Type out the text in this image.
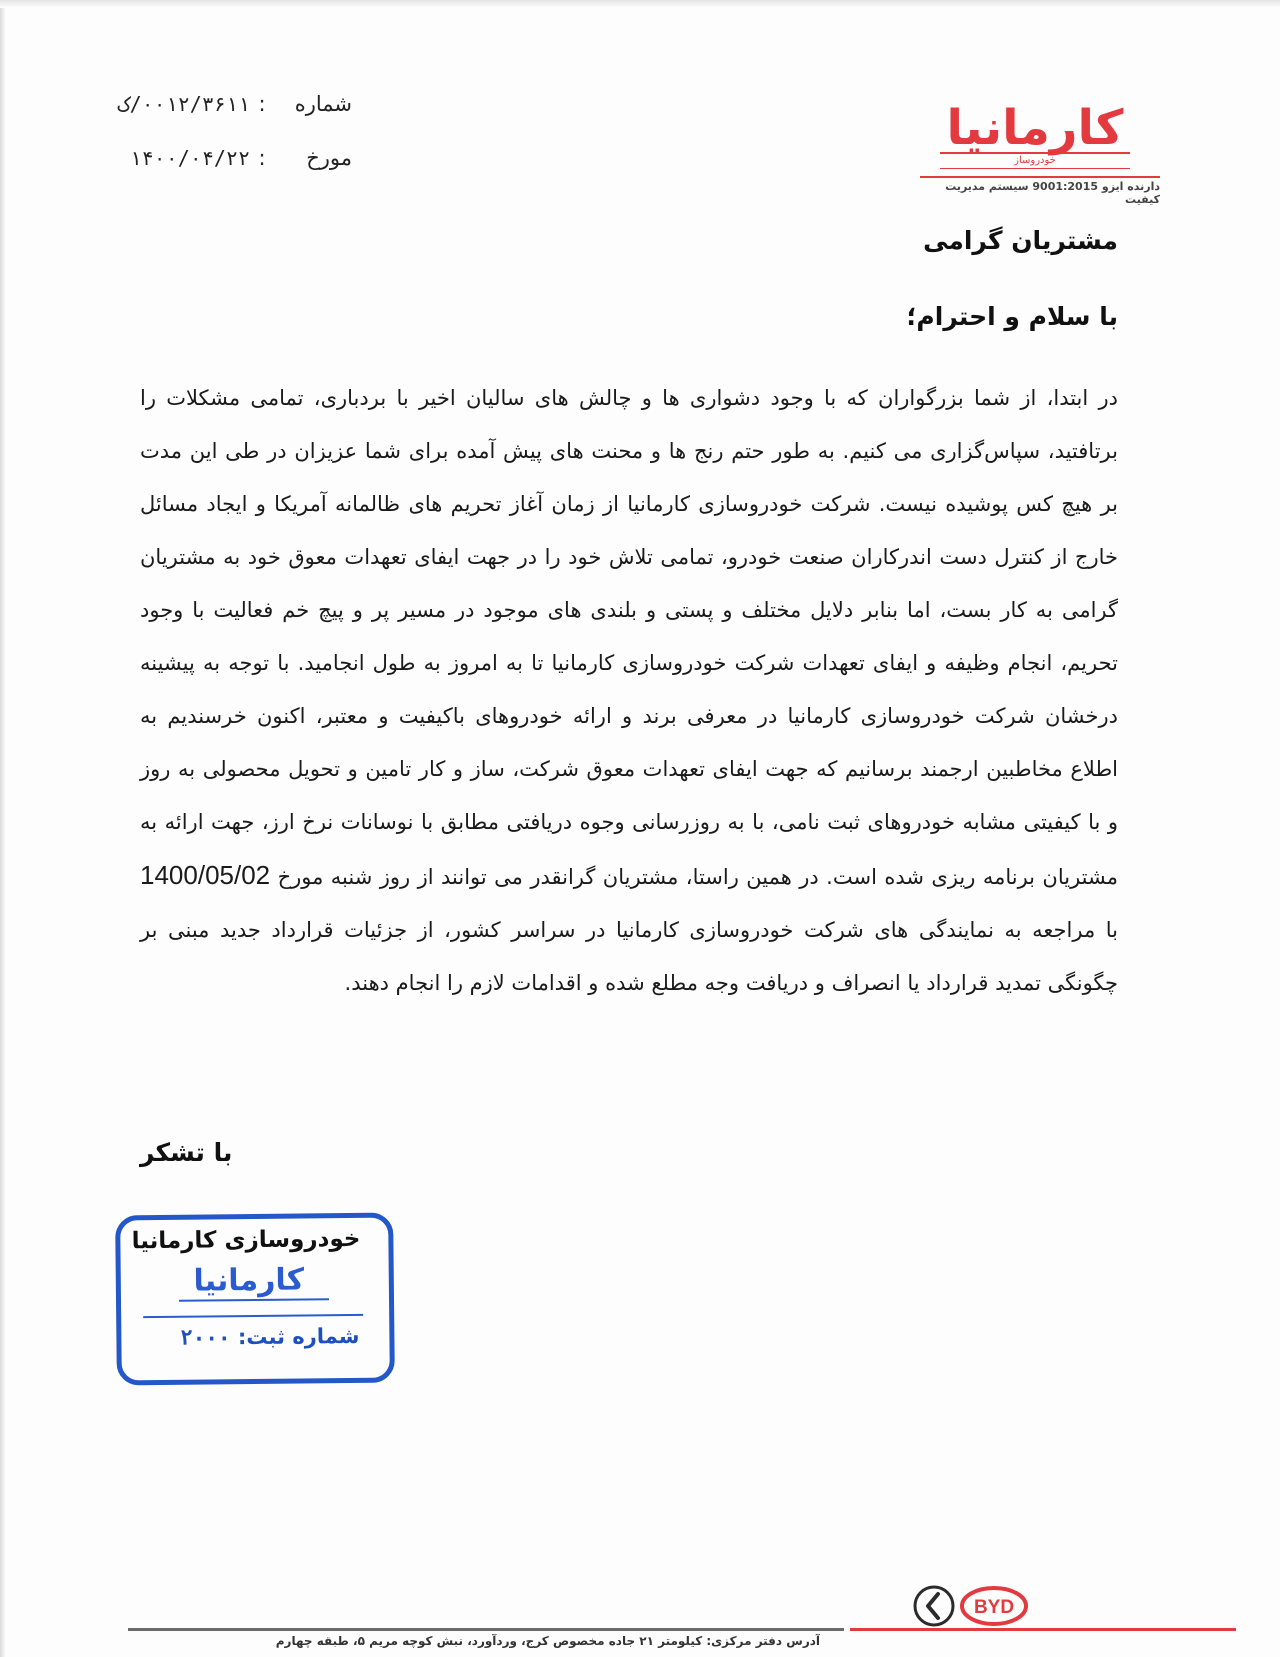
شماره
:
۰۰۱۲/۳۶۱۱/ک
مورخ
:
۱۴۰۰/۰۴/۲۲
کارمانیا
خودروساز
دارنده ایزو 9001:2015 سیستم مدیریت کیفیت
مشتریان گرامی
با سلام و احترام؛
در ابتدا، از شما بزرگواران که با وجود دشواری ها و چالش های سالیان اخیر با بردباری، تمامی مشکلات را برتافتید، سپاس‌گزاری می کنیم. به طور حتم رنج ها و محنت های پیش آمده برای شما عزیزان در طی این مدت بر هیچ کس پوشیده نیست. شرکت خودروسازی کارمانیا از زمان آغاز تحریم های ظالمانه آمریکا و ایجاد مسائل خارج از کنترل دست اندرکاران صنعت خودرو، تمامی تلاش خود را در جهت ایفای تعهدات معوق خود به مشتریان گرامی به کار بست، اما بنابر دلایل مختلف و پستی و بلندی های موجود در مسیر پر و پیچ خم فعالیت با وجود تحریم، انجام وظیفه و ایفای تعهدات شرکت خودروسازی کارمانیا تا به امروز به طول انجامید. با توجه به پیشینه درخشان شرکت خودروسازی کارمانیا در معرفی برند و ارائه خودروهای باکیفیت و معتبر، اکنون خرسندیم به اطلاع مخاطبین ارجمند برسانیم که جهت ایفای تعهدات معوق شرکت، ساز و کار تامین و تحویل محصولی به روز و با کیفیتی مشابه خودروهای ثبت نامی، با به روزرسانی وجوه دریافتی مطابق با نوسانات نرخ ارز، جهت ارائه به مشتریان برنامه ریزی شده است. در همین راستا، مشتریان گرانقدر می توانند از روز شنبه مورخ 1400/05/02 با مراجعه به نمایندگی های شرکت خودروسازی کارمانیا در سراسر کشور، از جزئیات قرارداد جدید مبنی بر چگونگی تمدید قرارداد یا انصراف و دریافت وجه مطلع شده و اقدامات لازم را انجام دهند.
با تشکر
خودروسازی کارمانیا
کارمانیا
شماره ثبت: ۲۰۰۰
BYD
آدرس دفتر مرکزی: کیلومتر ۲۱ جاده مخصوص کرج، وردآورد، نبش کوچه مریم ۵، طبقه چهارم
